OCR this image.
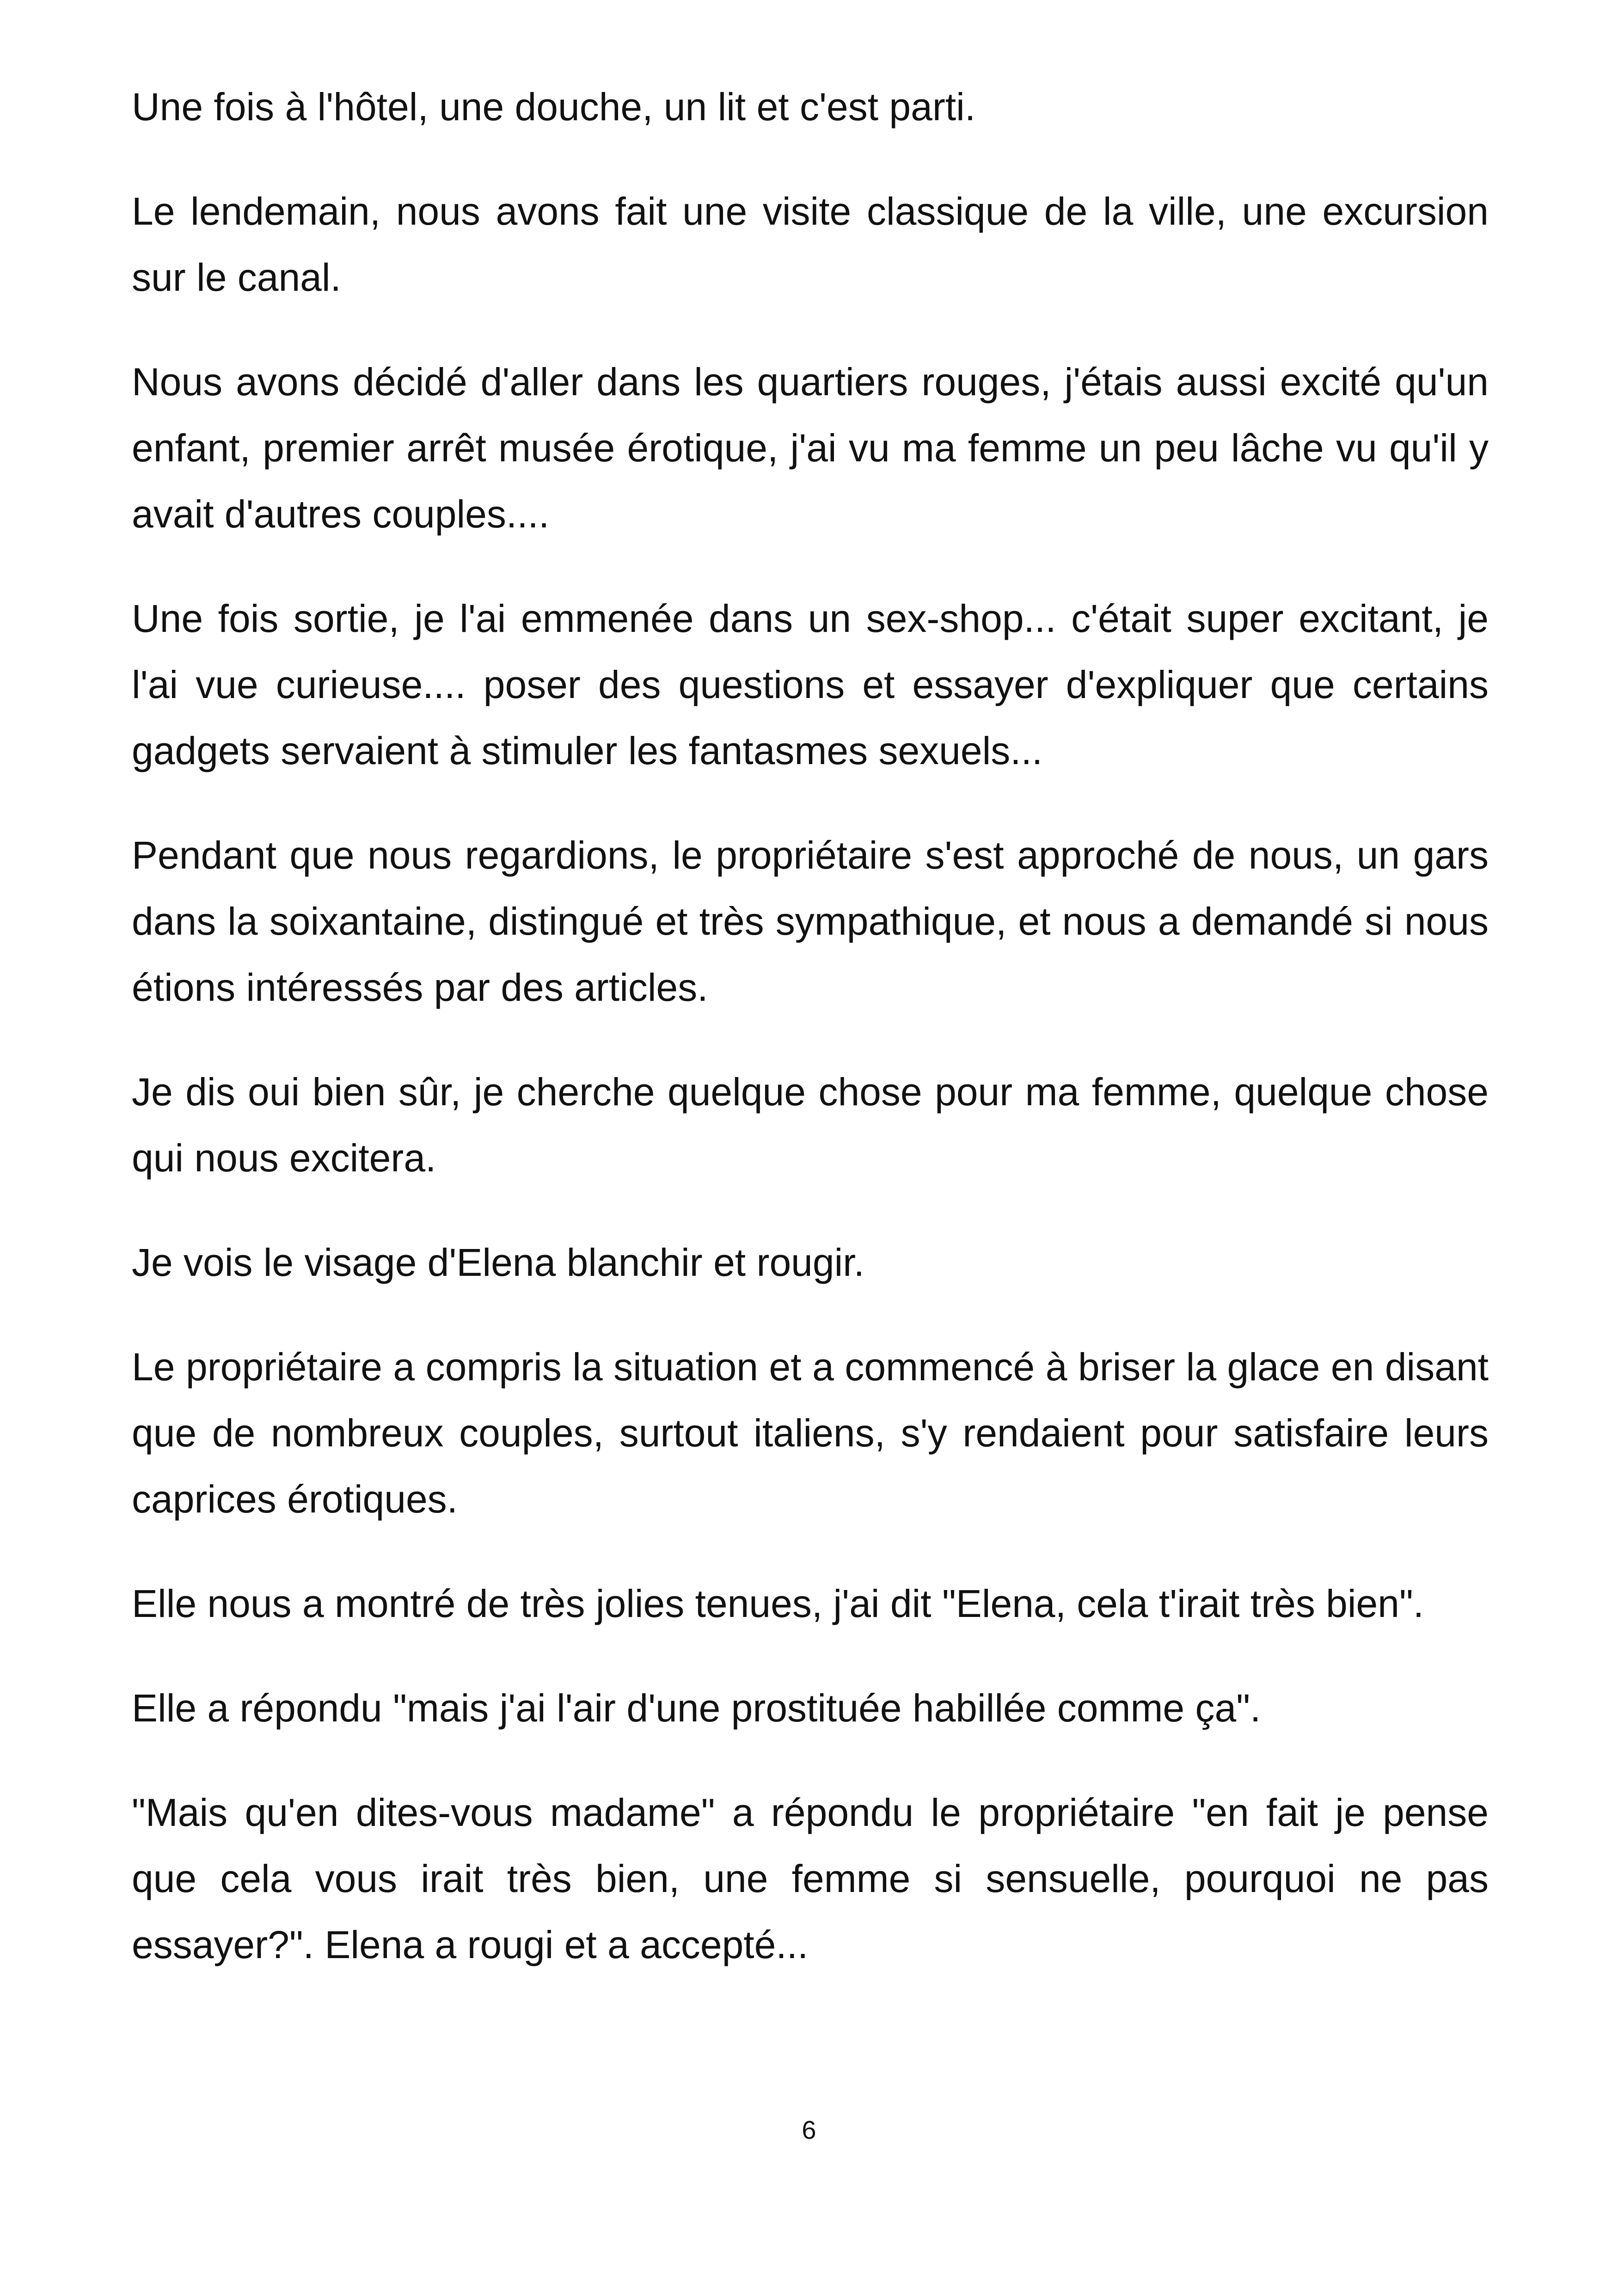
Une fois à l'hôtel, une douche, un lit et c'est parti.

Le lendemain, nous avons fait une visite classique de la ville, une excursion sur le canal.

Nous avons décidé d'aller dans les quartiers rouges, j'étais aussi excité qu'un enfant, premier arrêt musée érotique, j'ai vu ma femme un peu lâche vu qu'il y avait d'autres couples....

Une fois sortie, je l'ai emmenée dans un sex-shop... c'était super excitant, je l'ai vue curieuse.... poser des questions et essayer d'expliquer que certains gadgets servaient à stimuler les fantasmes sexuels...

Pendant que nous regardions, le propriétaire s'est approché de nous, un gars dans la soixantaine, distingué et très sympathique, et nous a demandé si nous étions intéressés par des articles.

Je dis oui bien sûr, je cherche quelque chose pour ma femme, quelque chose qui nous excitera.

Je vois le visage d'Elena blanchir et rougir.

Le propriétaire a compris la situation et a commencé à briser la glace en disant que de nombreux couples, surtout italiens, s'y rendaient pour satisfaire leurs caprices érotiques.

Elle nous a montré de très jolies tenues, j'ai dit "Elena, cela t'irait très bien".

Elle a répondu "mais j'ai l'air d'une prostituée habillée comme ça".

"Mais qu'en dites-vous madame" a répondu le propriétaire "en fait je pense que cela vous irait très bien, une femme si sensuelle, pourquoi ne pas essayer?". Elena a rougi et a accepté...

6
